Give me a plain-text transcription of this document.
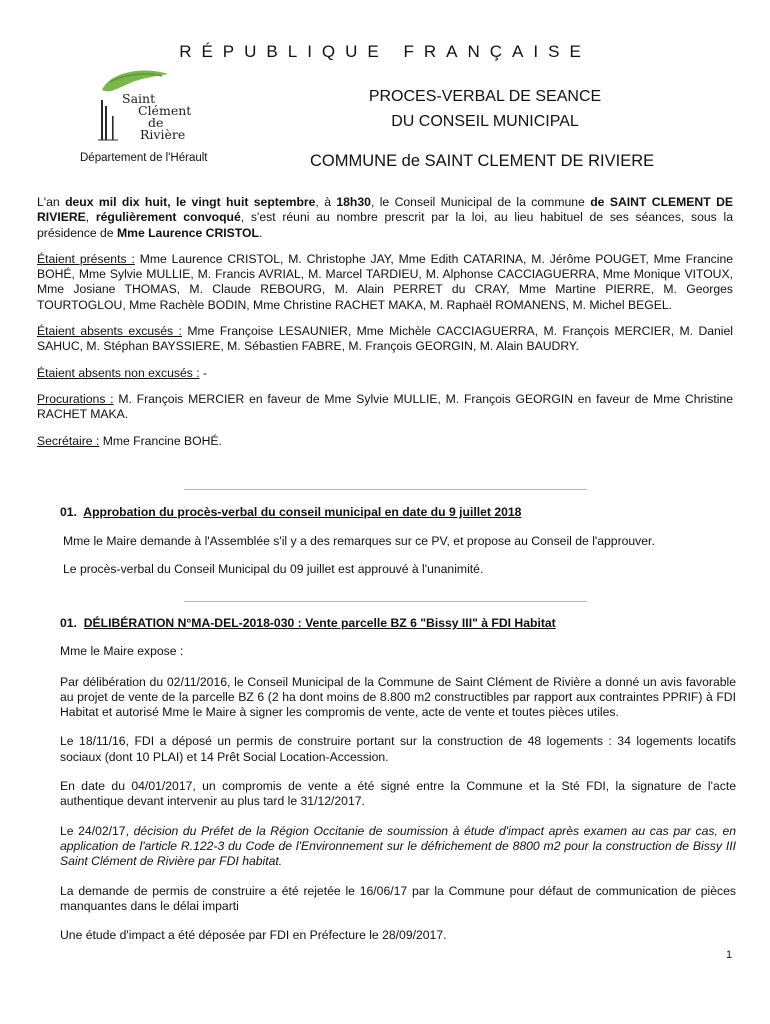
RÉPUBLIQUE FRANÇAISE
Saint
Clément
de
Rivière
Département de l'Hérault
PROCES-VERBAL DE SEANCE
DU CONSEIL MUNICIPAL
COMMUNE de SAINT CLEMENT DE RIVIERE

L'an deux mil dix huit, le vingt huit septembre, à 18h30, le Conseil Municipal de la commune de SAINT CLEMENT DE RIVIERE, régulièrement convoqué, s'est réuni au nombre prescrit par la loi, au lieu habituel de ses séances, sous la présidence de Mme Laurence CRISTOL.

Étaient présents : Mme Laurence CRISTOL, M. Christophe JAY, Mme Edith CATARINA, M. Jérôme POUGET, Mme Francine BOHÉ, Mme Sylvie MULLIE, M. Francis AVRIAL, M. Marcel TARDIEU, M. Alphonse CACCIAGUERRA, Mme Monique VITOUX, Mme Josiane THOMAS, M. Claude REBOURG, M. Alain PERRET du CRAY, Mme Martine PIERRE, M. Georges TOURTOGLOU, Mme Rachèle BODIN, Mme Christine RACHET MAKA, M. Raphaël ROMANENS, M. Michel BEGEL.

Étaient absents excusés : Mme Françoise LESAUNIER, Mme Michèle CACCIAGUERRA, M. François MERCIER, M. Daniel SAHUC, M. Stéphan BAYSSIERE, M. Sébastien FABRE, M. François GEORGIN, M. Alain BAUDRY.

Étaient absents non excusés : -

Procurations : M. François MERCIER en faveur de Mme Sylvie MULLIE, M. François GEORGIN en faveur de Mme Christine RACHET MAKA.

Secrétaire : Mme Francine BOHÉ.

01. Approbation du procès-verbal du conseil municipal en date du 9 juillet 2018

Mme le Maire demande à l'Assemblée s'il y a des remarques sur ce PV, et propose au Conseil de l'approuver.

Le procès-verbal du Conseil Municipal du 09 juillet est approuvé à l'unanimité.

01. DÉLIBÉRATION N°MA-DEL-2018-030 : Vente parcelle BZ 6 "Bissy III" à FDI Habitat

Mme le Maire expose :

Par délibération du 02/11/2016, le Conseil Municipal de la Commune de Saint Clément de Rivière a donné un avis favorable au projet de vente de la parcelle BZ 6 (2 ha dont moins de 8.800 m2 constructibles par rapport aux contraintes PPRIF) à FDI Habitat et autorisé Mme le Maire à signer les compromis de vente, acte de vente et toutes pièces utiles.

Le 18/11/16, FDI a déposé un permis de construire portant sur la construction de 48 logements : 34 logements locatifs sociaux (dont 10 PLAI) et 14 Prêt Social Location-Accession.

En date du 04/01/2017, un compromis de vente a été signé entre la Commune et la Sté FDI, la signature de l'acte authentique devant intervenir au plus tard le 31/12/2017.

Le 24/02/17, décision du Préfet de la Région Occitanie de soumission à étude d'impact après examen au cas par cas, en application de l'article R.122-3 du Code de l'Environnement sur le défrichement de 8800 m2 pour la construction de Bissy III Saint Clément de Rivière par FDI habitat.

La demande de permis de construire a été rejetée le 16/06/17 par la Commune pour défaut de communication de pièces manquantes dans le délai imparti

Une étude d'impact a été déposée par FDI en Préfecture le 28/09/2017.

1
